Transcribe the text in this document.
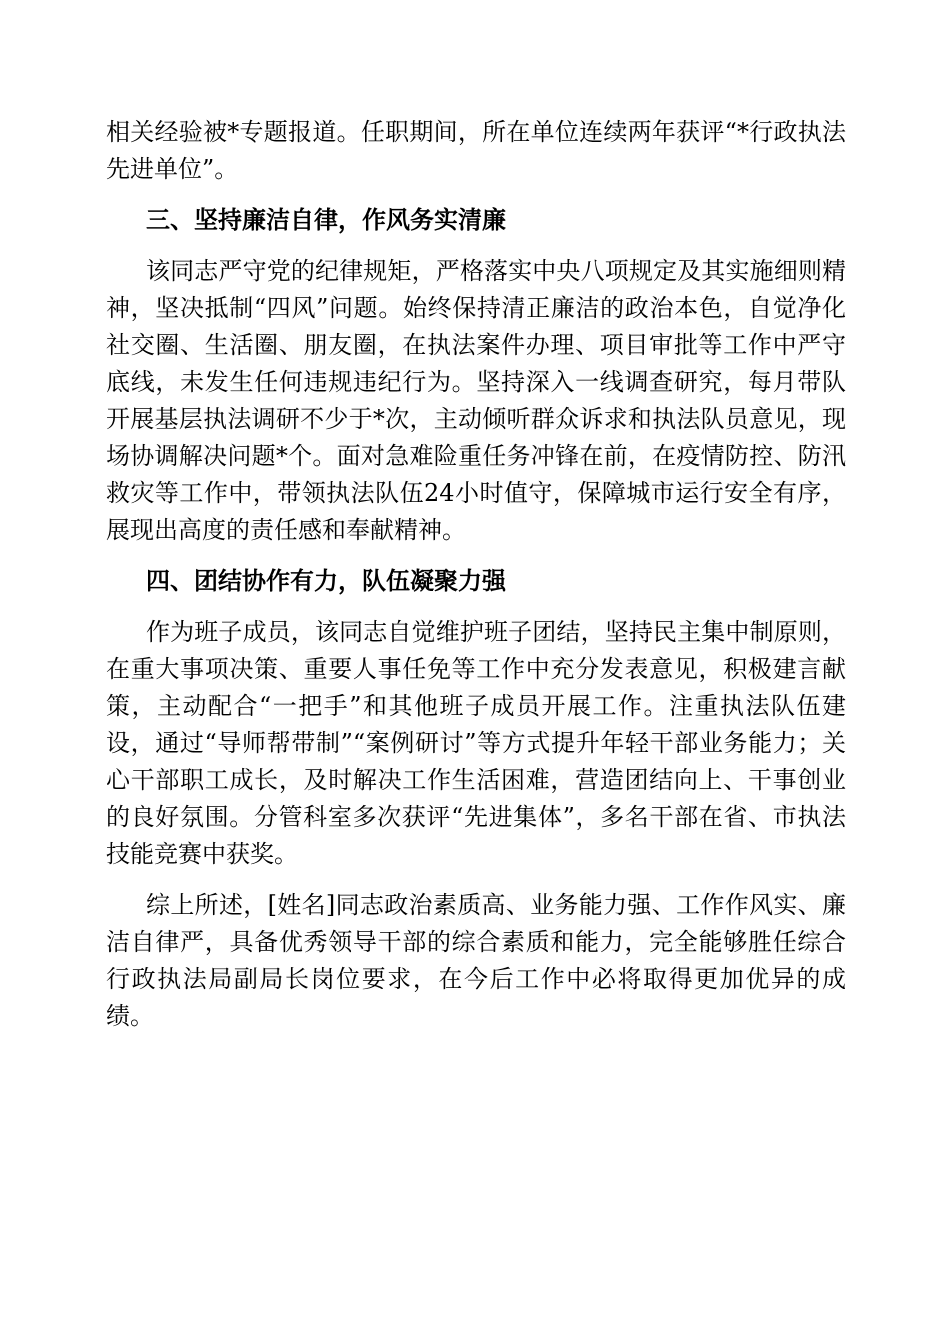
相关经验被*专题报道。任职期间，所在单位连续两年获评“*行政执法先进单位”。

三、坚持廉洁自律，作风务实清廉

该同志严守党的纪律规矩，严格落实中央八项规定及其实施细则精神，坚决抵制“四风”问题。始终保持清正廉洁的政治本色，自觉净化社交圈、生活圈、朋友圈，在执法案件办理、项目审批等工作中严守底线，未发生任何违规违纪行为。坚持深入一线调查研究，每月带队开展基层执法调研不少于*次，主动倾听群众诉求和执法队员意见，现场协调解决问题*个。面对急难险重任务冲锋在前，在疫情防控、防汛救灾等工作中，带领执法队伍24小时值守，保障城市运行安全有序，展现出高度的责任感和奉献精神。

四、团结协作有力，队伍凝聚力强

作为班子成员，该同志自觉维护班子团结，坚持民主集中制原则，在重大事项决策、重要人事任免等工作中充分发表意见，积极建言献策，主动配合“一把手”和其他班子成员开展工作。注重执法队伍建设，通过“导师帮带制”“案例研讨”等方式提升年轻干部业务能力；关心干部职工成长，及时解决工作生活困难，营造团结向上、干事创业的良好氛围。分管科室多次获评“先进集体”，多名干部在省、市执法技能竞赛中获奖。

综上所述，[姓名]同志政治素质高、业务能力强、工作作风实、廉洁自律严，具备优秀领导干部的综合素质和能力，完全能够胜任综合行政执法局副局长岗位要求，在今后工作中必将取得更加优异的成绩。
